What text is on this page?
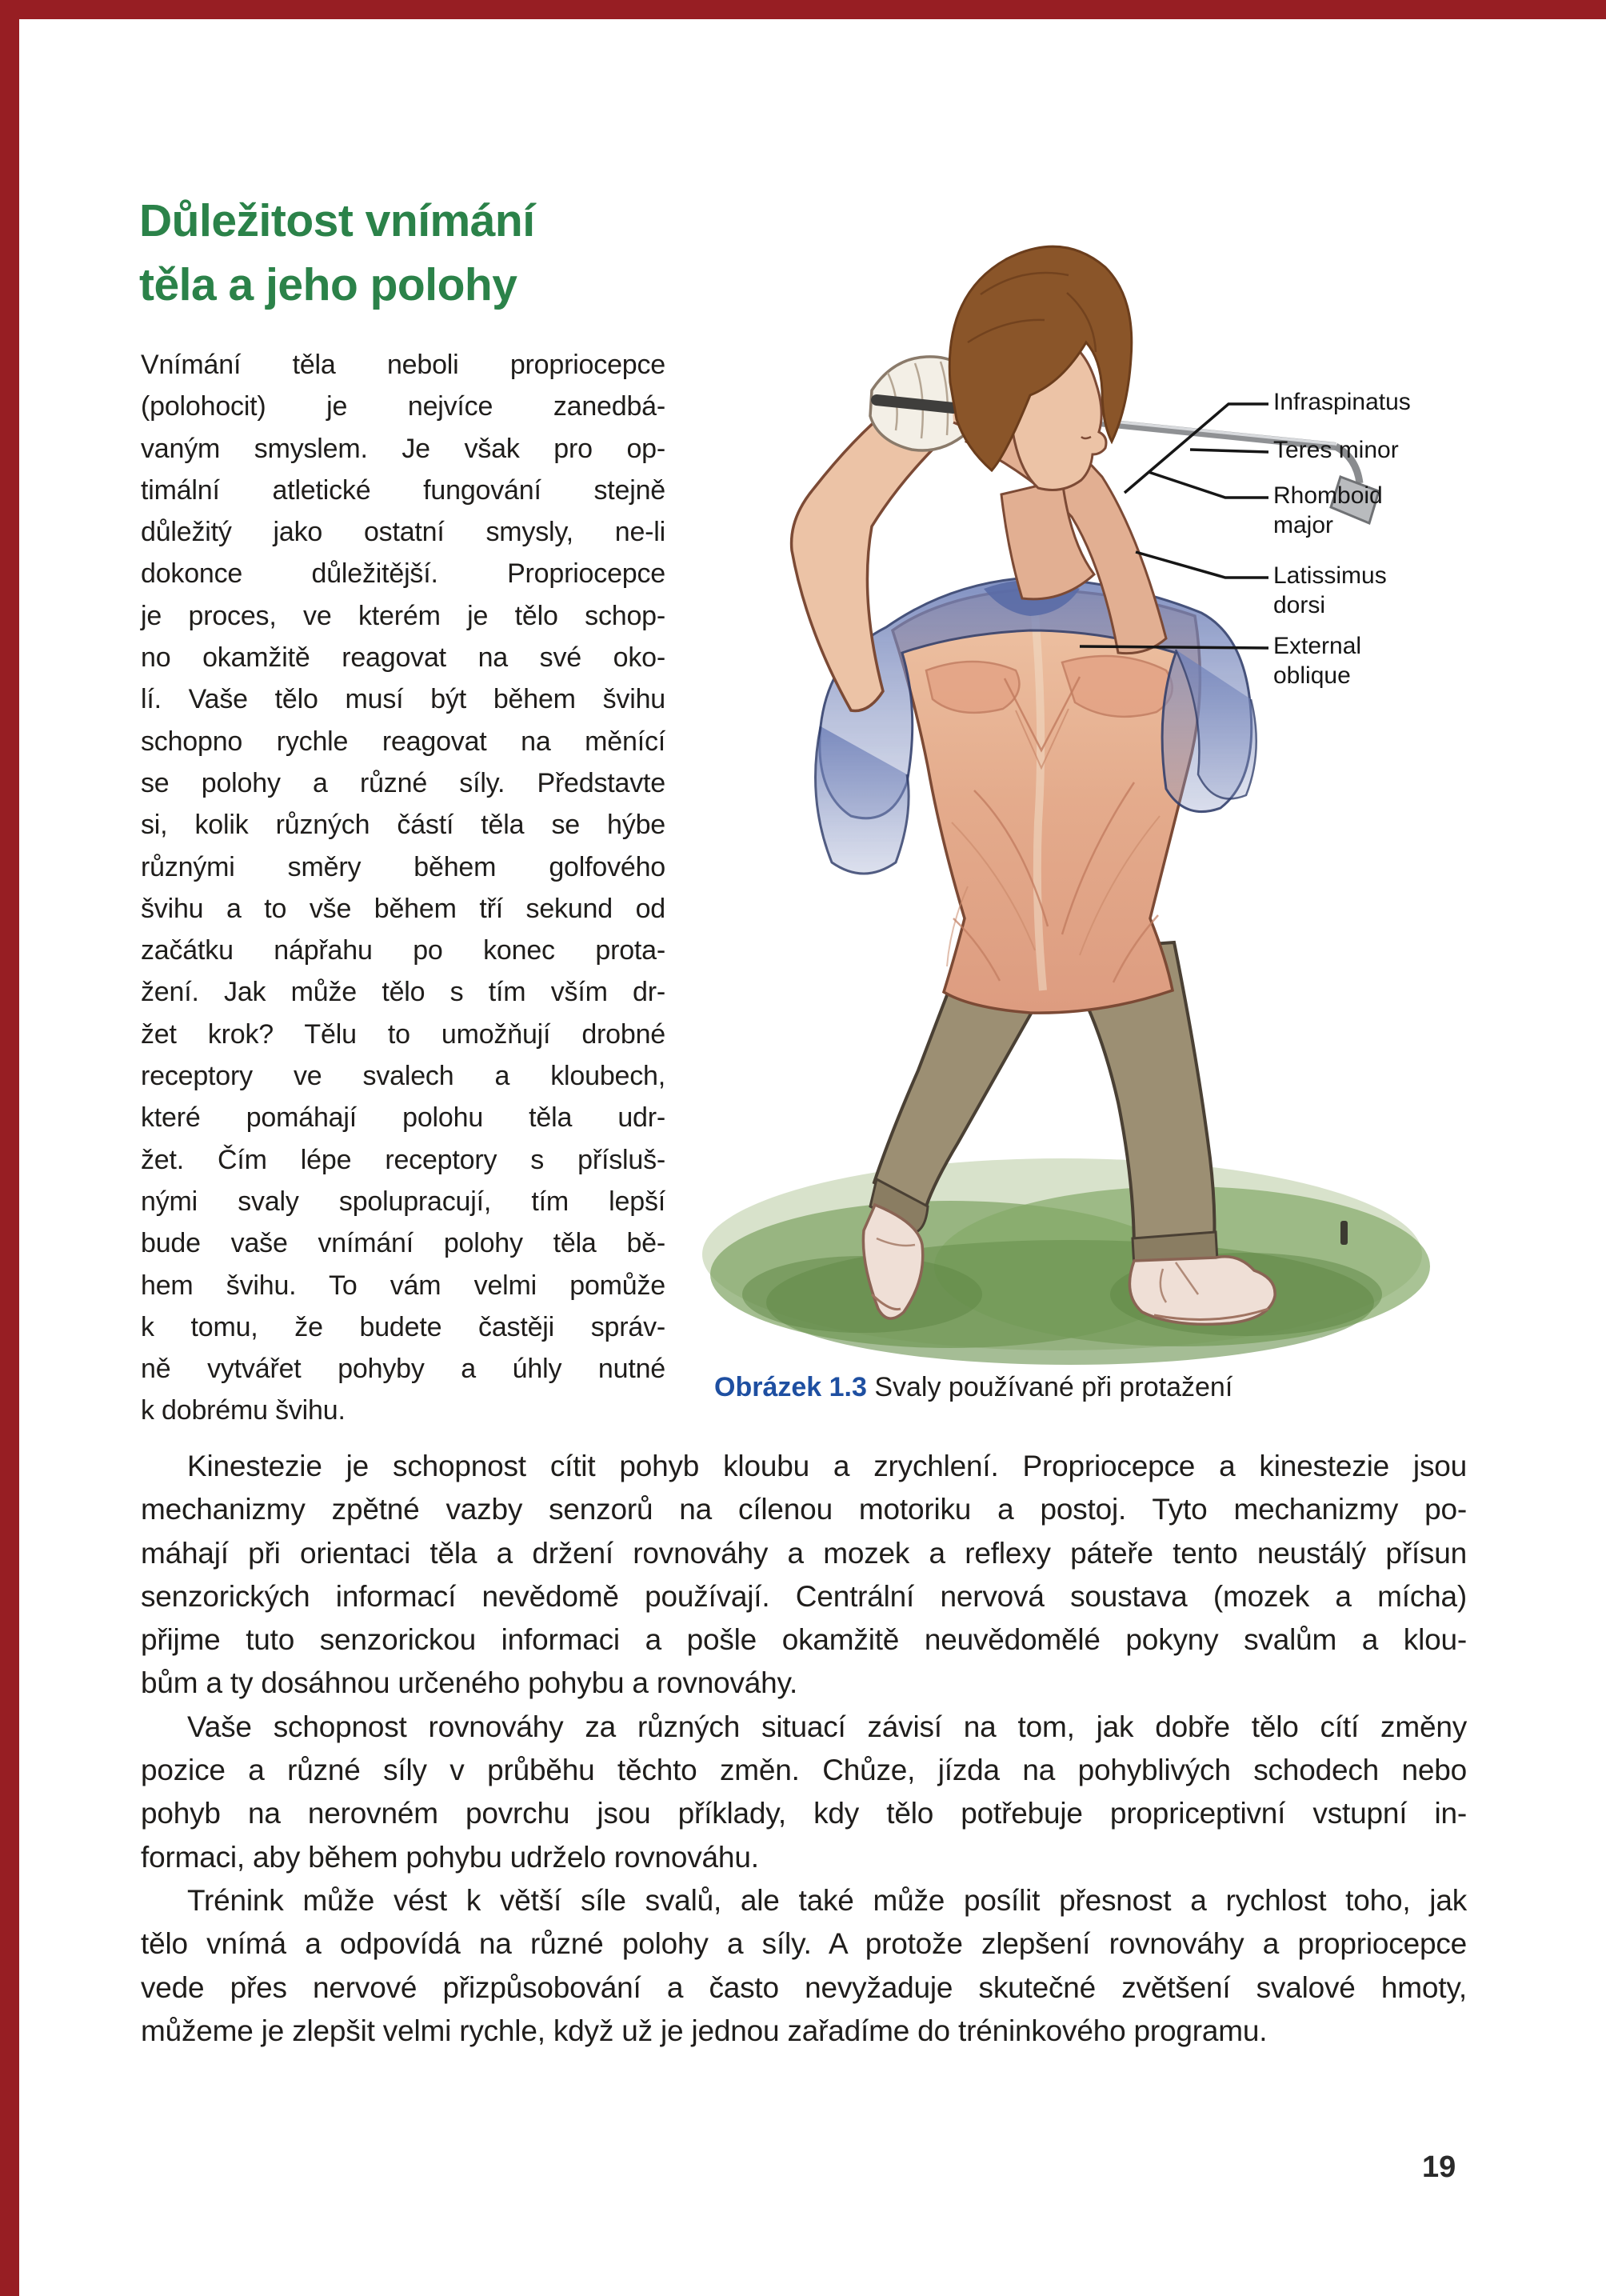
Důležitost vnímání
těla a jeho polohy
Vnímání těla neboli propriocepce
(polohocit) je nejvíce zanedbá-
vaným smyslem. Je však pro op-
timální atletické fungování stejně
důležitý jako ostatní smysly, ne-li
dokonce důležitější. Propriocepce
je proces, ve kterém je tělo schop-
no okamžitě reagovat na své oko-
lí. Vaše tělo musí být během švihu
schopno rychle reagovat na měnící
se polohy a různé síly. Představte
si, kolik různých částí těla se hýbe
různými směry během golfového
švihu a to vše během tří sekund od
začátku nápřahu po konec prota-
žení. Jak může tělo s tím vším dr-
žet krok? Tělu to umožňují drobné
receptory ve svalech a kloubech,
které pomáhají polohu těla udr-
žet. Čím lépe receptory s přísluš-
nými svaly spolupracují, tím lepší
bude vaše vnímání polohy těla bě-
hem švihu. To vám velmi pomůže
k tomu, že budete častěji správ-
ně vytvářet pohyby a úhly nutné
k dobrému švihu.
Infraspinatus
Teres minor
Rhomboid major
Latissimus dorsi
External oblique
Obrázek 1.3 Svaly používané při protažení
Kinestezie je schopnost cítit pohyb kloubu a zrychlení. Propriocepce a kinestezie jsou
mechanizmy zpětné vazby senzorů na cílenou motoriku a postoj. Tyto mechanizmy po-
máhají při orientaci těla a držení rovnováhy a mozek a reflexy páteře tento neustálý přísun
senzorických informací nevědomě používají. Centrální nervová soustava (mozek a mícha)
přijme tuto senzorickou informaci a pošle okamžitě neuvědomělé pokyny svalům a klou-
bům a ty dosáhnou určeného pohybu a rovnováhy.
Vaše schopnost rovnováhy za různých situací závisí na tom, jak dobře tělo cítí změny
pozice a různé síly v průběhu těchto změn. Chůze, jízda na pohyblivých schodech nebo
pohyb na nerovném povrchu jsou příklady, kdy tělo potřebuje propriceptivní vstupní in-
formaci, aby během pohybu udrželo rovnováhu.
Trénink může vést k větší síle svalů, ale také může posílit přesnost a rychlost toho, jak
tělo vnímá a odpovídá na různé polohy a síly. A protože zlepšení rovnováhy a propriocepce
vede přes nervové přizpůsobování a často nevyžaduje skutečné zvětšení svalové hmoty,
můžeme je zlepšit velmi rychle, když už je jednou zařadíme do tréninkového programu.
19
